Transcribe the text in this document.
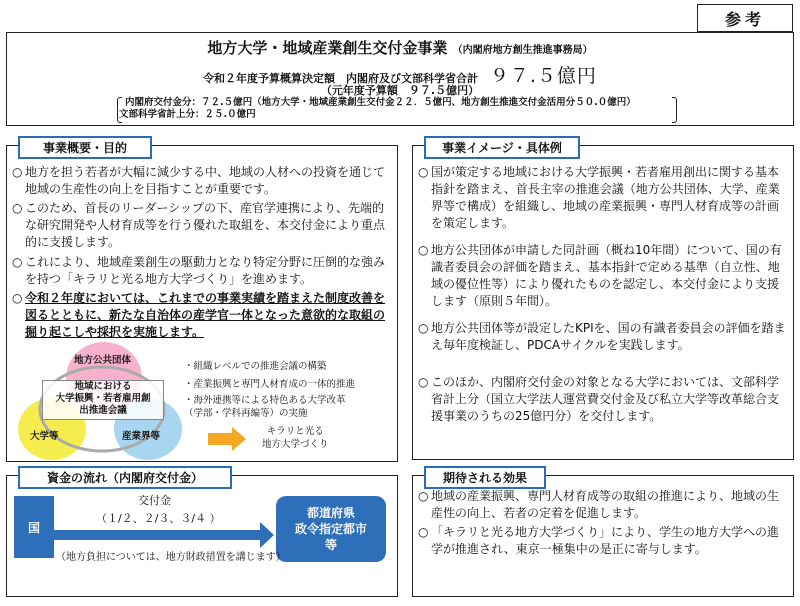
参考
地方大学・地域産業創生交付金事業 （内閣府地方創生推進事務局）
令和２年度予算概算決定額　内閣府及び文部科学省合計 ９７.５億円
（元年度予算額　９７.５億円）
内閣府交付金分：７２.５億円（地方大学・地域産業創生交付金２２．５億円、地方創生推進交付金活用分５０.０億円）
文部科学省計上分：２５.０億円
事業概要・目的
○ 地方を担う若者が大幅に減少する中、地域の人材への投資を通じて地域の生産性の向上を目指すことが重要です。
○ このため、首長のリーダーシップの下、産官学連携により、先端的な研究開発や人材育成等を行う優れた取組を、本交付金により重点的に支援します。
○ これにより、地域産業創生の駆動力となり特定分野に圧倒的な強みを持つ「キラリと光る地方大学づくり」を進めます。
○ 令和２年度においては、これまでの事業実績を踏まえた制度改善を図るとともに、新たな自治体の産学官一体となった意欲的な取組の掘り起こしや採択を実施します。
地方公共団体
大学等	産業界等
地域における
大学振興・若者雇用創
出推進会議
・組織レベルでの推進会議の構築
・産業振興と専門人材育成の一体的推進
・海外連携等による特色ある大学改革
（学部・学科再編等）の実施
キラリと光る
地方大学づくり
事業イメージ・具体例
○ 国が策定する地域における大学振興・若者雇用創出に関する基本指針を踏まえ、首長主宰の推進会議（地方公共団体、大学、産業界等で構成）を組織し、地域の産業振興・専門人材育成等の計画を策定します。
○ 地方公共団体が申請した同計画（概ね10年間）について、国の有識者委員会の評価を踏まえ、基本指針で定める基準（自立性、地域の優位性等）により優れたものを認定し、本交付金により支援します（原則５年間）。
○ 地方公共団体等が設定したKPIを、国の有識者委員会の評価を踏まえ毎年度検証し、PDCAサイクルを実践します。
○ このほか、内閣府交付金の対象となる大学においては、文部科学省計上分（国立大学法人運営費交付金及び私立大学等改革総合支援事業のうちの25億円分）を交付します。
資金の流れ（内閣府交付金）
国
交付金
（１/２、２/３、３/４ ）	都道府県
政令指定都市
等
（地方負担については、地方財政措置を講じます）
期待される効果
○ 地域の産業振興、専門人材育成等の取組の推進により、地域の生産性の向上、若者の定着を促進します。
○ 「キラリと光る地方大学づくり」により、学生の地方大学への進学が推進され、東京一極集中の是正に寄与します。
